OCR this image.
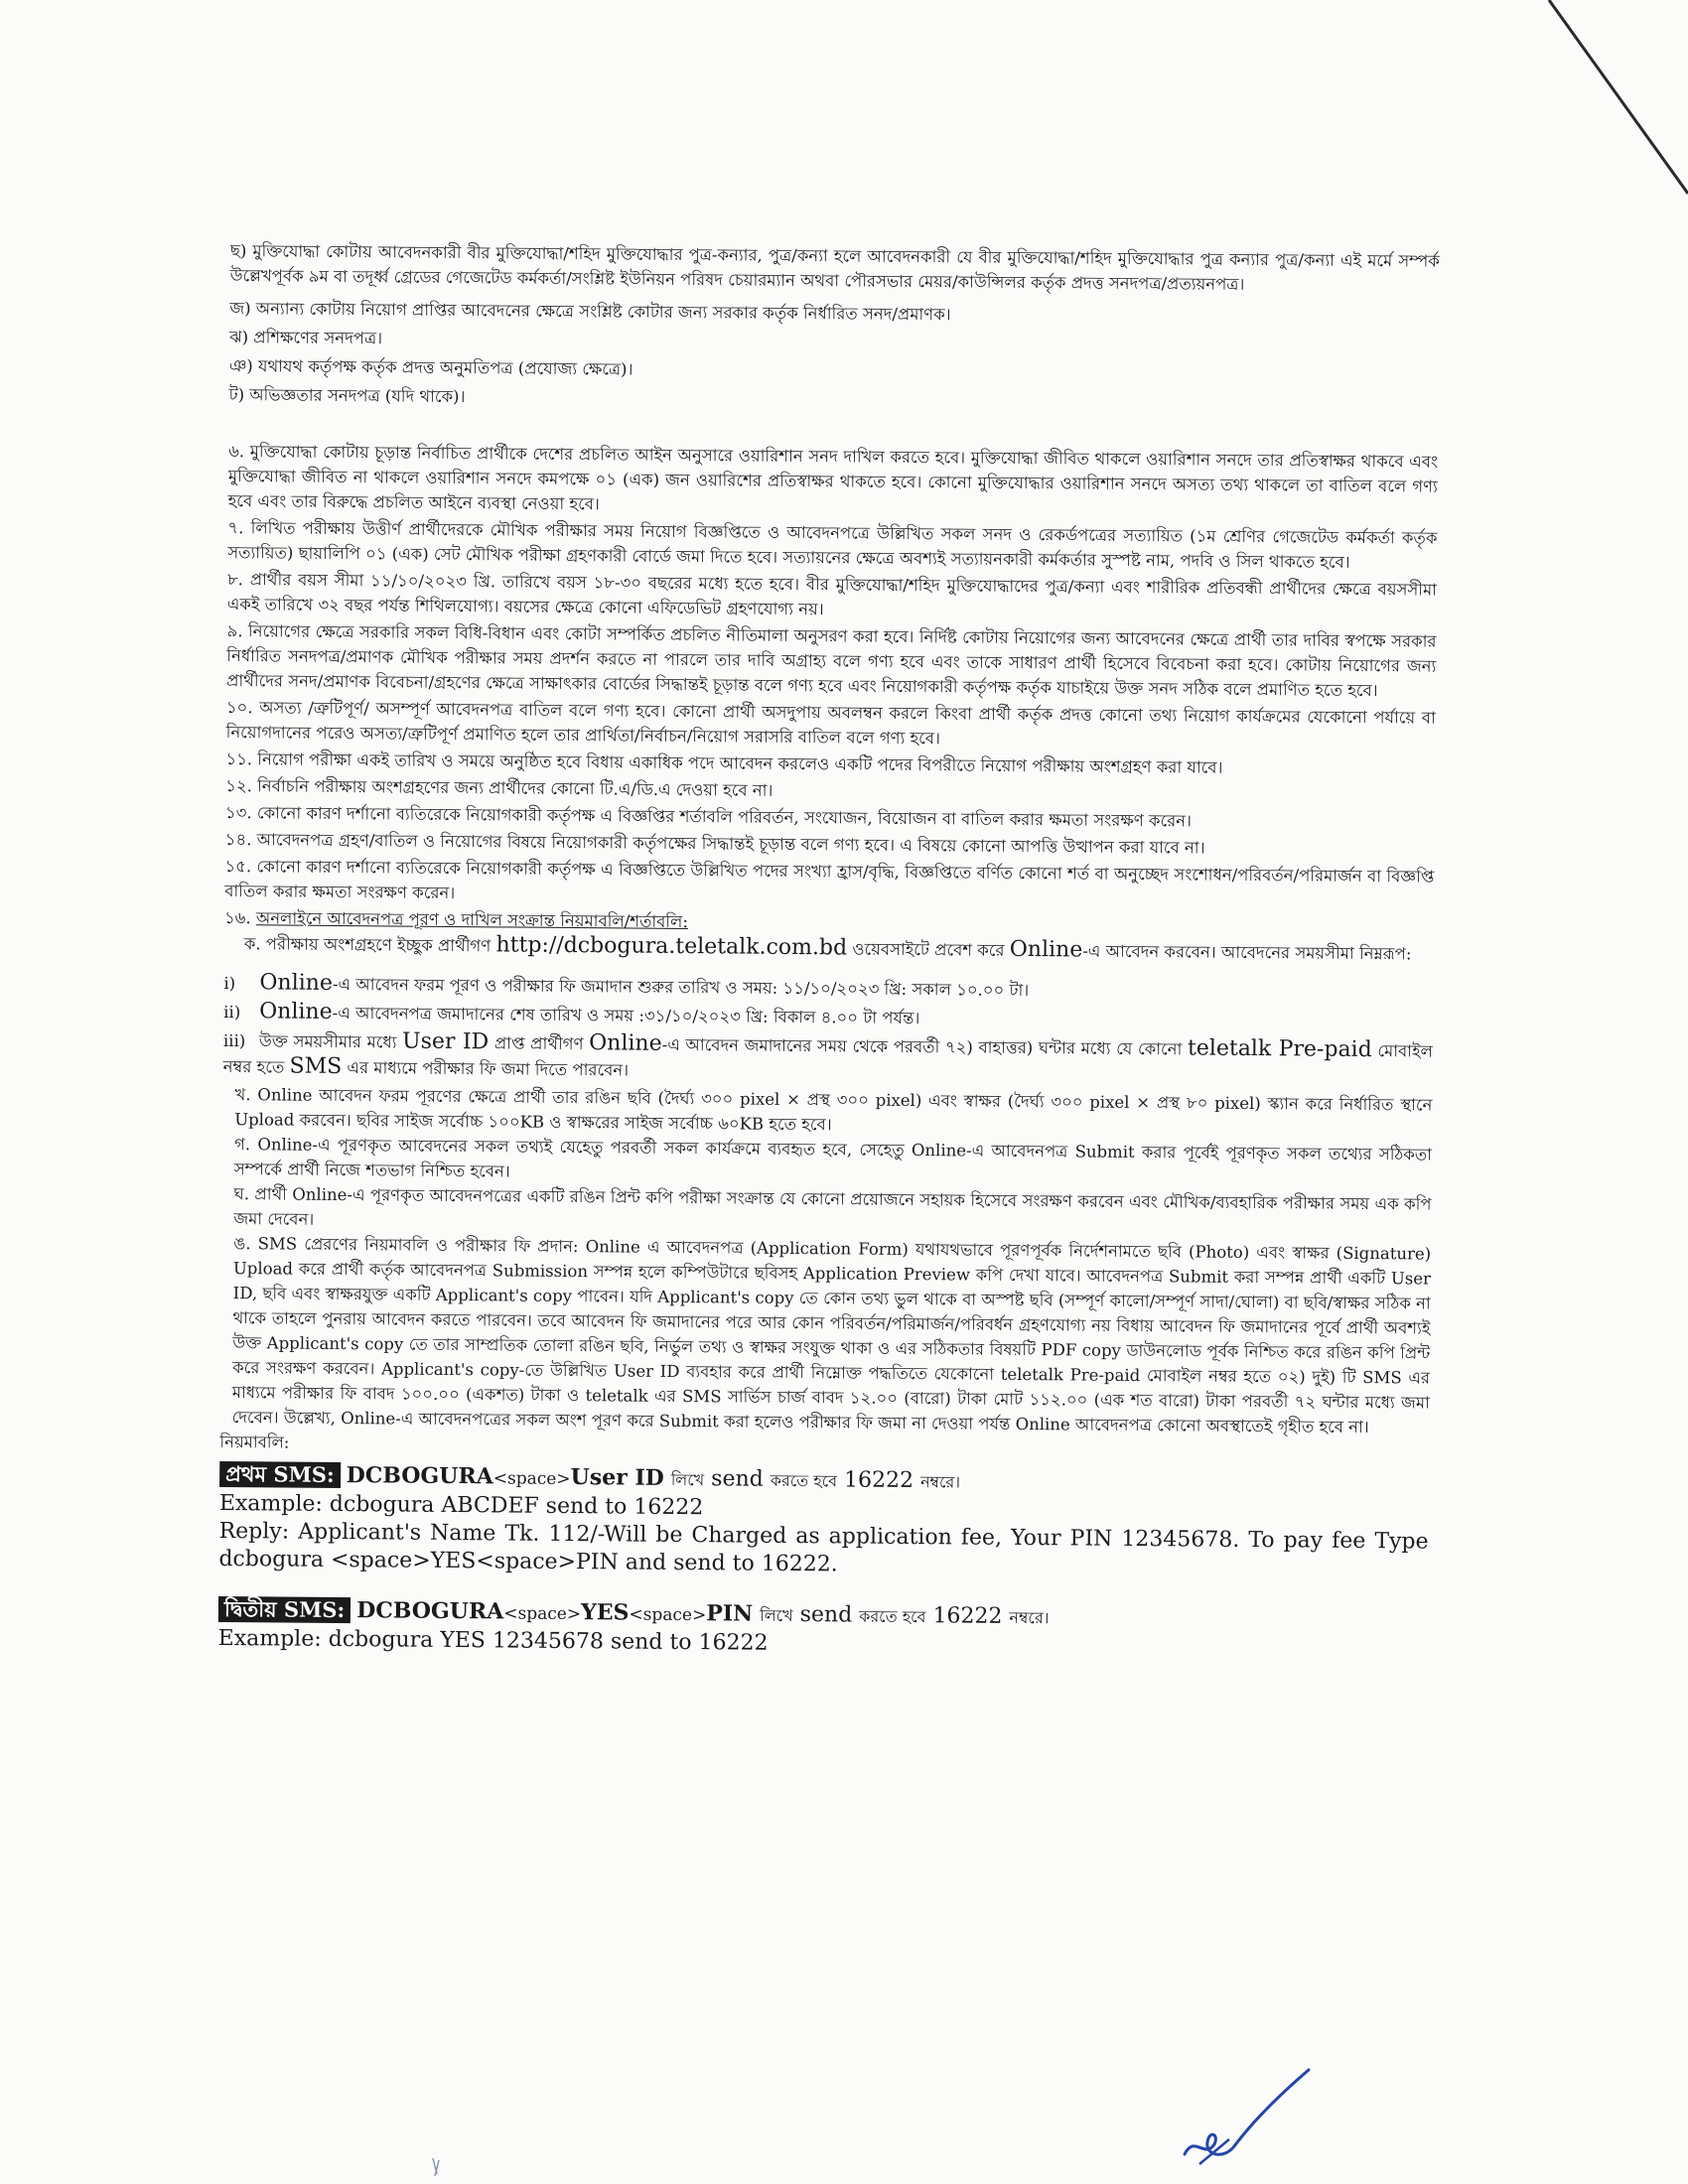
ছ) মুক্তিযোদ্ধা কোটায় আবেদনকারী বীর মুক্তিযোদ্ধা/শহিদ মুক্তিযোদ্ধার পুত্র-কন্যার, পুত্র/কন্যা হলে আবেদনকারী যে বীর মুক্তিযোদ্ধা/শহিদ মুক্তিযোদ্ধার পুত্র কন্যার পুত্র/কন্যা এই মর্মে সম্পর্ক উল্লেখপূর্বক ৯ম বা তদূর্ধ্ব গ্রেডের গেজেটেড কর্মকর্তা/সংশ্লিষ্ট ইউনিয়ন পরিষদ চেয়ারম্যান অথবা পৌরসভার মেয়র/কাউন্সিলর কর্তৃক প্রদত্ত সনদপত্র/প্রত্যয়নপত্র।

জ) অন্যান্য কোটায় নিয়োগ প্রাপ্তির আবেদনের ক্ষেত্রে সংশ্লিষ্ট কোটার জন্য সরকার কর্তৃক নির্ধারিত সনদ/প্রমাণক।

ঝ) প্রশিক্ষণের সনদপত্র।

ঞ) যথাযথ কর্তৃপক্ষ কর্তৃক প্রদত্ত অনুমতিপত্র (প্রযোজ্য ক্ষেত্রে)।

ট) অভিজ্ঞতার সনদপত্র (যদি থাকে)।

৬. মুক্তিযোদ্ধা কোটায় চূড়ান্ত নির্বাচিত প্রার্থীকে দেশের প্রচলিত আইন অনুসারে ওয়ারিশান সনদ দাখিল করতে হবে। মুক্তিযোদ্ধা জীবিত থাকলে ওয়ারিশান সনদে তার প্রতিস্বাক্ষর থাকবে এবং মুক্তিযোদ্ধা জীবিত না থাকলে ওয়ারিশান সনদে কমপক্ষে ০১ (এক) জন ওয়ারিশের প্রতিস্বাক্ষর থাকতে হবে। কোনো মুক্তিযোদ্ধার ওয়ারিশান সনদে অসত্য তথ্য থাকলে তা বাতিল বলে গণ্য হবে এবং তার বিরুদ্ধে প্রচলিত আইনে ব্যবস্থা নেওয়া হবে।

৭. লিখিত পরীক্ষায় উত্তীর্ণ প্রার্থীদেরকে মৌখিক পরীক্ষার সময় নিয়োগ বিজ্ঞপ্তিতে ও আবেদনপত্রে উল্লিখিত সকল সনদ ও রেকর্ডপত্রের সত্যায়িত (১ম শ্রেণির গেজেটেড কর্মকর্তা কর্তৃক সত্যায়িত) ছায়ালিপি ০১ (এক) সেট মৌখিক পরীক্ষা গ্রহণকারী বোর্ডে জমা দিতে হবে। সত্যায়নের ক্ষেত্রে অবশ্যই সত্যায়নকারী কর্মকর্তার সুস্পষ্ট নাম, পদবি ও সিল থাকতে হবে।

৮. প্রার্থীর বয়স সীমা ১১/১০/২০২৩ খ্রি. তারিখে বয়স ১৮-৩০ বছরের মধ্যে হতে হবে। বীর মুক্তিযোদ্ধা/শহিদ মুক্তিযোদ্ধাদের পুত্র/কন্যা এবং শারীরিক প্রতিবন্ধী প্রার্থীদের ক্ষেত্রে বয়সসীমা একই তারিখে ৩২ বছর পর্যন্ত শিথিলযোগ্য। বয়সের ক্ষেত্রে কোনো এফিডেভিট গ্রহণযোগ্য নয়।

৯. নিয়োগের ক্ষেত্রে সরকারি সকল বিধি-বিধান এবং কোটা সম্পর্কিত প্রচলিত নীতিমালা অনুসরণ করা হবে। নির্দিষ্ট কোটায় নিয়োগের জন্য আবেদনের ক্ষেত্রে প্রার্থী তার দাবির স্বপক্ষে সরকার নির্ধারিত সনদপত্র/প্রমাণক মৌখিক পরীক্ষার সময় প্রদর্শন করতে না পারলে তার দাবি অগ্রাহ্য বলে গণ্য হবে এবং তাকে সাধারণ প্রার্থী হিসেবে বিবেচনা করা হবে। কোটায় নিয়োগের জন্য প্রার্থীদের সনদ/প্রমাণক বিবেচনা/গ্রহণের ক্ষেত্রে সাক্ষাৎকার বোর্ডের সিদ্ধান্তই চূড়ান্ত বলে গণ্য হবে এবং নিয়োগকারী কর্তৃপক্ষ কর্তৃক যাচাইয়ে উক্ত সনদ সঠিক বলে প্রমাণিত হতে হবে।

১০. অসত্য /ত্রুটিপূর্ণ/ অসম্পূর্ণ আবেদনপত্র বাতিল বলে গণ্য হবে। কোনো প্রার্থী অসদুপায় অবলম্বন করলে কিংবা প্রার্থী কর্তৃক প্রদত্ত কোনো তথ্য নিয়োগ কার্যক্রমের যেকোনো পর্যায়ে বা নিয়োগদানের পরেও অসত্য/ত্রুটিপূর্ণ প্রমাণিত হলে তার প্রার্থিতা/নির্বাচন/নিয়োগ সরাসরি বাতিল বলে গণ্য হবে।

১১. নিয়োগ পরীক্ষা একই তারিখ ও সময়ে অনুষ্ঠিত হবে বিধায় একাধিক পদে আবেদন করলেও একটি পদের বিপরীতে নিয়োগ পরীক্ষায় অংশগ্রহণ করা যাবে।

১২. নির্বাচনি পরীক্ষায় অংশগ্রহণের জন্য প্রার্থীদের কোনো টি.এ/ডি.এ দেওয়া হবে না।

১৩. কোনো কারণ দর্শানো ব্যতিরেকে নিয়োগকারী কর্তৃপক্ষ এ বিজ্ঞপ্তির শর্তাবলি পরিবর্তন, সংযোজন, বিয়োজন বা বাতিল করার ক্ষমতা সংরক্ষণ করেন।

১৪. আবেদনপত্র গ্রহণ/বাতিল ও নিয়োগের বিষয়ে নিয়োগকারী কর্তৃপক্ষের সিদ্ধান্তই চূড়ান্ত বলে গণ্য হবে। এ বিষয়ে কোনো আপত্তি উত্থাপন করা যাবে না।

১৫. কোনো কারণ দর্শানো ব্যতিরেকে নিয়োগকারী কর্তৃপক্ষ এ বিজ্ঞপ্তিতে উল্লিখিত পদের সংখ্যা হ্রাস/বৃদ্ধি, বিজ্ঞপ্তিতে বর্ণিত কোনো শর্ত বা অনুচ্ছেদ সংশোধন/পরিবর্তন/পরিমার্জন বা বিজ্ঞপ্তি বাতিল করার ক্ষমতা সংরক্ষণ করেন।

১৬. অনলাইনে আবেদনপত্র পূরণ ও দাখিল সংক্রান্ত নিয়মাবলি/শর্তাবলি:

ক. পরীক্ষায় অংশগ্রহণে ইচ্ছুক প্রার্থীগণ http://dcbogura.teletalk.com.bd ওয়েবসাইটে প্রবেশ করে Online-এ আবেদন করবেন। আবেদনের সময়সীমা নিম্নরূপ:

i) Online-এ আবেদন ফরম পূরণ ও পরীক্ষার ফি জমাদান শুরুর তারিখ ও সময়: ১১/১০/২০২৩ খ্রি: সকাল ১০.০০ টা।

ii) Online-এ আবেদনপত্র জমাদানের শেষ তারিখ ও সময় :৩১/১০/২০২৩ খ্রি: বিকাল ৪.০০ টা পর্যন্ত।

iii) উক্ত সময়সীমার মধ্যে User ID প্রাপ্ত প্রার্থীগণ Online-এ আবেদন জমাদানের সময় থেকে পরবর্তী ৭২) বাহাত্তর) ঘন্টার মধ্যে যে কোনো teletalk Pre-paid মোবাইল নম্বর হতে SMS এর মাধ্যমে পরীক্ষার ফি জমা দিতে পারবেন।

খ. Online আবেদন ফরম পূরণের ক্ষেত্রে প্রার্থী তার রঙিন ছবি (দৈর্ঘ্য ৩০০ pixel × প্রস্থ ৩০০ pixel) এবং স্বাক্ষর (দৈর্ঘ্য ৩০০ pixel × প্রস্থ ৮০ pixel) স্ক্যান করে নির্ধারিত স্থানে Upload করবেন। ছবির সাইজ সর্বোচ্চ ১০০KB ও স্বাক্ষরের সাইজ সর্বোচ্চ ৬০KB হতে হবে।

গ. Online-এ পূরণকৃত আবেদনের সকল তথ্যই যেহেতু পরবর্তী সকল কার্যক্রমে ব্যবহৃত হবে, সেহেতু Online-এ আবেদনপত্র Submit করার পূর্বেই পূরণকৃত সকল তথ্যের সঠিকতা সম্পর্কে প্রার্থী নিজে শতভাগ নিশ্চিত হবেন।

ঘ. প্রার্থী Online-এ পূরণকৃত আবেদনপত্রের একটি রঙিন প্রিন্ট কপি পরীক্ষা সংক্রান্ত যে কোনো প্রয়োজনে সহায়ক হিসেবে সংরক্ষণ করবেন এবং মৌখিক/ব্যবহারিক পরীক্ষার সময় এক কপি জমা দেবেন।

ঙ. SMS প্রেরণের নিয়মাবলি ও পরীক্ষার ফি প্রদান: Online এ আবেদনপত্র (Application Form) যথাযথভাবে পূরণপূর্বক নির্দেশনামতে ছবি (Photo) এবং স্বাক্ষর (Signature) Upload করে প্রার্থী কর্তৃক আবেদনপত্র Submission সম্পন্ন হলে কম্পিউটারে ছবিসহ Application Preview কপি দেখা যাবে। আবেদনপত্র Submit করা সম্পন্ন প্রার্থী একটি User ID, ছবি এবং স্বাক্ষরযুক্ত একটি Applicant's copy পাবেন। যদি Applicant's copy তে কোন তথ্য ভুল থাকে বা অস্পষ্ট ছবি (সম্পূর্ণ কালো/সম্পূর্ণ সাদা/ঘোলা) বা ছবি/স্বাক্ষর সঠিক না থাকে তাহলে পুনরায় আবেদন করতে পারবেন। তবে আবেদন ফি জমাদানের পরে আর কোন পরিবর্তন/পরিমার্জন/পরিবর্ধন গ্রহণযোগ্য নয় বিধায় আবেদন ফি জমাদানের পূর্বে প্রার্থী অবশ্যই উক্ত Applicant's copy তে তার সাম্প্রতিক তোলা রঙিন ছবি, নির্ভুল তথ্য ও স্বাক্ষর সংযুক্ত থাকা ও এর সঠিকতার বিষয়টি PDF copy ডাউনলোড পূর্বক নিশ্চিত করে রঙিন কপি প্রিন্ট করে সংরক্ষণ করবেন। Applicant's copy-তে উল্লিখিত User ID ব্যবহার করে প্রার্থী নিম্নোক্ত পদ্ধতিতে যেকোনো teletalk Pre-paid মোবাইল নম্বর হতে ০২) দুই) টি SMS এর মাধ্যমে পরীক্ষার ফি বাবদ ১০০.০০ (একশত) টাকা ও teletalk এর SMS সার্ভিস চার্জ বাবদ ১২.০০ (বারো) টাকা মোট ১১২.০০ (এক শত বারো) টাকা পরবর্তী ৭২ ঘন্টার মধ্যে জমা দেবেন। উল্লেখ্য, Online-এ আবেদনপত্রের সকল অংশ পূরণ করে Submit করা হলেও পরীক্ষার ফি জমা না দেওয়া পর্যন্ত Online আবেদনপত্র কোনো অবস্থাতেই গৃহীত হবে না।

নিয়মাবলি:

প্রথম SMS: DCBOGURA<space>User ID লিখে send করতে হবে 16222 নম্বরে।

Example: dcbogura ABCDEF send to 16222

Reply: Applicant's Name Tk. 112/-Will be Charged as application fee, Your PIN 12345678. To pay fee Type dcbogura <space>YES<space>PIN and send to 16222.

দ্বিতীয় SMS: DCBOGURA<space>YES<space>PIN লিখে send করতে হবে 16222 নম্বরে।

Example: dcbogura YES 12345678 send to 16222
